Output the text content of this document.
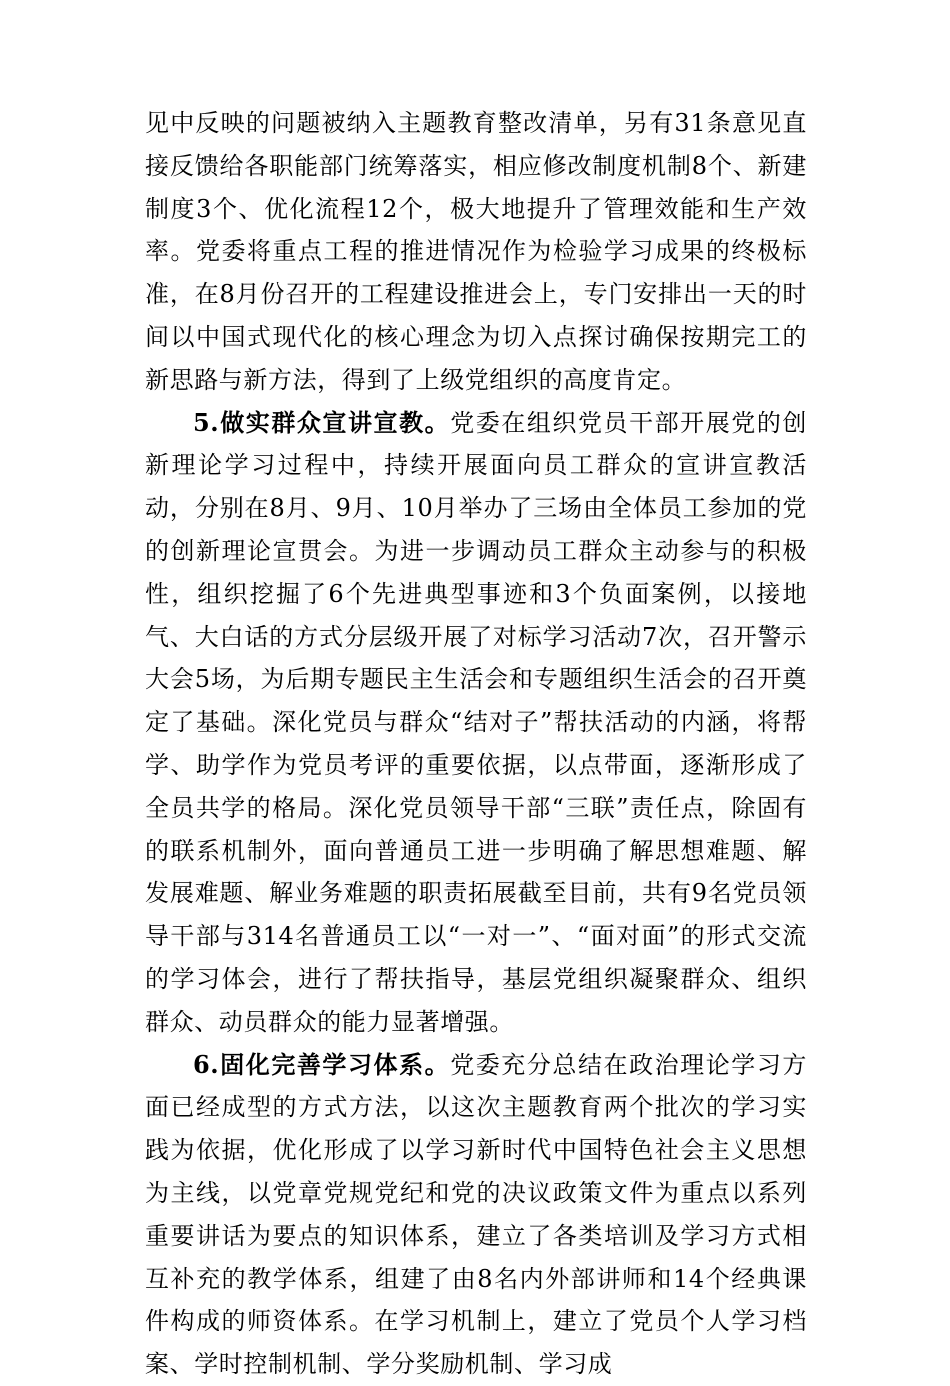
见中反映的问题被纳入主题教育整改清单，另有31条意见直接反馈给各职能部门统筹落实，相应修改制度机制8个、新建制度3个、优化流程12个，极大地提升了管理效能和生产效率。党委将重点工程的推进情况作为检验学习成果的终极标准，在8月份召开的工程建设推进会上，专门安排出一天的时间以中国式现代化的核心理念为切入点探讨确保按期完工的新思路与新方法，得到了上级党组织的高度肯定。

5.做实群众宣讲宣教。党委在组织党员干部开展党的创新理论学习过程中，持续开展面向员工群众的宣讲宣教活动，分别在8月、9月、10月举办了三场由全体员工参加的党的创新理论宣贯会。为进一步调动员工群众主动参与的积极性，组织挖掘了6个先进典型事迹和3个负面案例，以接地气、大白话的方式分层级开展了对标学习活动7次，召开警示大会5场，为后期专题民主生活会和专题组织生活会的召开奠定了基础。深化党员与群众“结对子”帮扶活动的内涵，将帮学、助学作为党员考评的重要依据，以点带面，逐渐形成了全员共学的格局。深化党员领导干部“三联”责任点，除固有的联系机制外，面向普通员工进一步明确了解思想难题、解发展难题、解业务难题的职责拓展截至目前，共有9名党员领导干部与314名普通员工以“一对一”、“面对面”的形式交流的学习体会，进行了帮扶指导，基层党组织凝聚群众、组织群众、动员群众的能力显著增强。

6.固化完善学习体系。党委充分总结在政治理论学习方面已经成型的方式方法，以这次主题教育两个批次的学习实践为依据，优化形成了以学习新时代中国特色社会主义思想为主线，以党章党规党纪和党的决议政策文件为重点以系列重要讲话为要点的知识体系，建立了各类培训及学习方式相互补充的教学体系，组建了由8名内外部讲师和14个经典课件构成的师资体系。在学习机制上，建立了党员个人学习档案、学时控制机制、学分奖励机制、学习成
